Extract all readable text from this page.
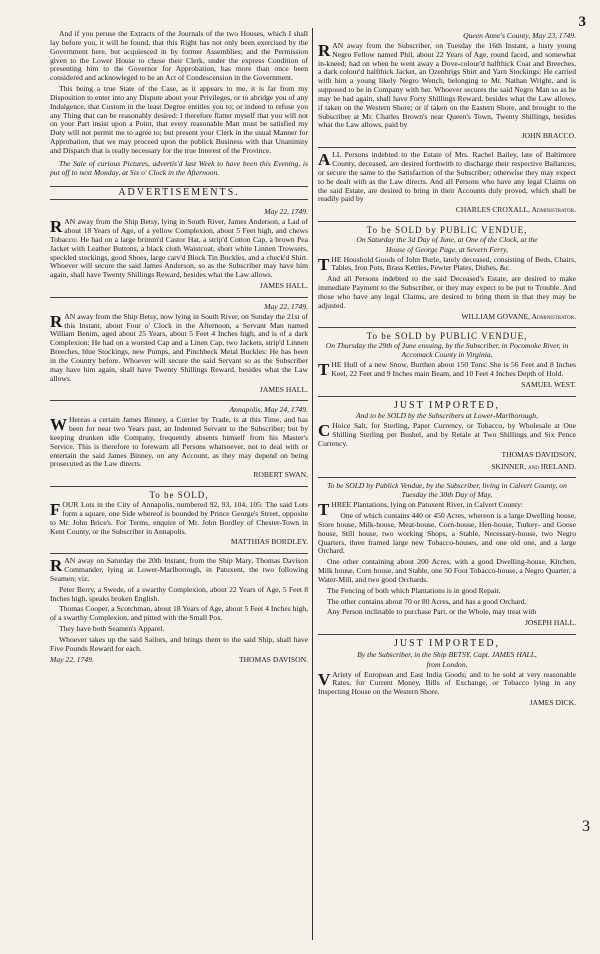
3
3

And if you peruse the Extracts of the Journals of the two Houses, which I shall lay before you, it will be found, that this Right has not only been exercised by the Government here, but acquiesced in by former Assemblies; and the Permission given to the Lower House to chuse their Clerk, under the express Condition of presenting him to the Governor for Approbation, has more than once been considered and acknowleged to be an Act of Condescension in the Government.

This being a true State of the Case, as it appears to me, it is far from my Disposition to enter into any Dispute about your Privileges, or to abridge you of any Indulgence, that Custom in the least Degree entitles you to; or indeed to refuse you any Thing that can be reasonably desired: I therefore flatter myself that you will not on your Part insist upon a Point, that every reasonable Man must be satisfied my Duty will not permit me to agree to; but present your Clerk in the usual Manner for Approbation, that we may proceed upon the publick Business with that Unanimity and Dispatch that is really necessary for the true Interest of the Province.

The Sale of curious Pictures, advertis'd last Week to have been this Evening, is put off to next Monday, at Six o' Clock in the Afternoon.

ADVERTISEMENTS.
May 22, 1749.

RAN away from the Ship Betsy, lying in South River, James Anderson, a Lad of about 18 Years of Age, of a yellow Complexion, about 5 Feet high, and chews Tobacco: He had on a large brimm'd Castor Hat, a strip'd Cotton Cap, a brown Pea Jacket with Leather Buttons, a black cloth Waistcoat, short white Linnen Trowsers, speckled stockings, good Shoes, large carv'd Block Tin Buckles, and a check'd Shirt. Whoever will secure the said James Anderson, so as the Subscriber may have him again, shall have Twenty Shillings Reward, besides what the Law allows.

JAMES HALL.
May 22, 1749.

RAN away from the Ship Betsy, now lying in South River, on Sunday the 21st of this Instant, about Four o' Clock in the Afternoon, a Servant Man named William Benim, aged about 25 Years, about 5 Feet 4 Inches high, and is of a dark Complexion: He had on a worsted Cap and a Linen Cap, two Jackets, strip'd Linnen Breeches, blue Stockings, new Pumps, and Pinchbeck Metal Buckles: He has been in the Country before. Whoever will secure the said Servant so as the Subscriber may have him again, shall have Twenty Shillings Reward, besides what the Law allows.

JAMES HALL.
Annapolis, May 24, 1749.

W Hereas a certain James Binney, a Currier by Trade, is at this Time, and has been for near two Years past, an Indented Servant to the Subscriber; but by keeping drunken idle Company, frequently absents himself from his Master's Service. This is therefore to forewarn all Persons whatsoever, not to deal with or entertain the said James Binney, on any Account, as they may depend on being prosecuted as the Law directs.

ROBERT SWAN.
To be SOLD,

FOUR Lots in the City of Annapolis, numbered 92, 93, 104, 105: The said Lots form a square, one Side whereof is bounded by Prince George's Street, opposite to Mr. John Brice's. For Terms, enquire of Mr. John Bordley of Chester-Town in Kent County, or the Subscriber in Annapolis.

MATTHIAS BORDLEY.

RAN away on Saturday the 20th Instant, from the Ship Mary, Thomas Davison Commander, lying at Lower-Marlborough, in Patuxent, the two following Seamen; viz.

Peter Berry, a Swede, of a swarthy Complexion, about 22 Years of Age, 5 Feet 8 Inches high, speaks broken English.

Thomas Cooper, a Scotchman, about 18 Years of Age, about 5 Feet 4 Inches high, of a swarthy Complexion, and pitted with the Small Pox.

They have both Seamen's Apparel.

Whoever takes up the said Sailors, and brings them to the said Ship, shall have Five Pounds Reward for each.

May 22, 1749.	THOMAS DAVISON.
Queen Anne's County, May 23, 1749.

RAN away from the Subscriber, on Tuesday the 16th Instant, a lusty young Negro Fellow named Phil, about 22 Years of Age, round faced, and somewhat in-kneed; had on when he went away a Dove-colour'd halfthick Coat and Breeches, a dark colour'd halfthick Jacket, an Ozenbrigs Shirt and Yarn Stockings: He carried with him a young likely Negro Wench, belonging to Mr. Nathan Wright, and is supposed to be in Company with her. Whoever secures the said Negro Man so as he may be had again, shall have Forty Shillings Reward, besides what the Law allows, if taken on the Western Shore; or if taken on the Eastern Shore, and brought to the Subscriber at Mr. Charles Brown's near Queen's Town, Twenty Shillings, besides what the Law allows, paid by

JOHN BRACCO.

ALL Persons indebted to the Estate of Mrs. Rachel Bailey, late of Baltimore County, deceased, are desired forthwith to discharge their respective Ballances, or secure the same to the Satisfaction of the Subscriber; otherwise they may expect to be dealt with as the Law directs. And all Persons who have any legal Claims on the said Estate, are desired to bring in their Accounts duly proved, which shall be readily paid by

CHARLES CROXALL, Administrator.
To be SOLD by PUBLIC VENDUE,
On Saturday the 3d Day of June, at One of the Clock, at the
House of George Page, at Severn Ferry,

THE Houshold Goods of John Burle, lately deceased, consisting of Beds, Chairs, Tables, Iron Pots, Brass Kettles, Pewter Plates, Dishes, &c.

And all Persons indebted to the said Deceased's Estate, are desired to make immediate Payment to the Subscriber, or they may expect to be put to Trouble. And those who have any legal Claims, are desired to bring them in that they may be adjusted.

WILLIAM GOVANE, Administrator.
To be SOLD by PUBLIC VENDUE,
On Thursday the 29th of June ensuing, by the Subscriber, in Pocomoke River, in Accomack County in Virginia,

THE Hull of a new Snow, Burthen about 150 Tons: She is 56 Feet and 8 Inches Keel, 22 Feet and 9 Inches main Beam, and 10 Feet 4 Inches Depth of Hold.

SAMUEL WEST.
JUST IMPORTED,
And to be SOLD by the Subscribers at Lower-Marlborough,

C Hoice Salt, for Sterling, Paper Currency, or Tobacco, by Wholesale at One Shilling Sterling per Bushel, and by Retale at Two Shillings and Six Pence Currency.

THOMAS DAVIDSON,
SKINNER, and IRELAND.
To be SOLD by Publick Vendue, by the Subscriber, living in Calvert County, on Tuesday the 30th Day of May,

THREE Plantations, lying on Patuxent River, in Calvert County:

One of which contains 440 or 450 Acres, whereon is a large Dwelling house, Store house, Milk-house, Meat-house, Corn-house, Hen-house, Turkey- and Goose house, Still house, two working Shops, a Stable, Necessary-house, two Negro Quarters, three framed large new Tobacco-houses, and one old one, and a large Orchard.

One other containing about 200 Acres, with a good Dwelling-house, Kitchen, Milk house, Corn house, and Stable, one 50 Foot Tobacco-house, a Negro Quarter, a Water-Mill, and two good Orchards.

The Fencing of both which Plantations is in good Repair.

The other contains about 70 or 80 Acres, and has a good Orchard.

Any Person inclinable to purchase Part, or the Whole, may treat with

JOSEPH HALL.
JUST IMPORTED,
By the Subscriber, in the Ship BETSY, Capt. JAMES HALL,
from London,

V Ariety of European and East India Goods; and to be sold at very reasonable Rates, for Current Money, Bills of Exchange, or Tobacco lying in any Inspecting House on the Western Shore.

JAMES DICK.
